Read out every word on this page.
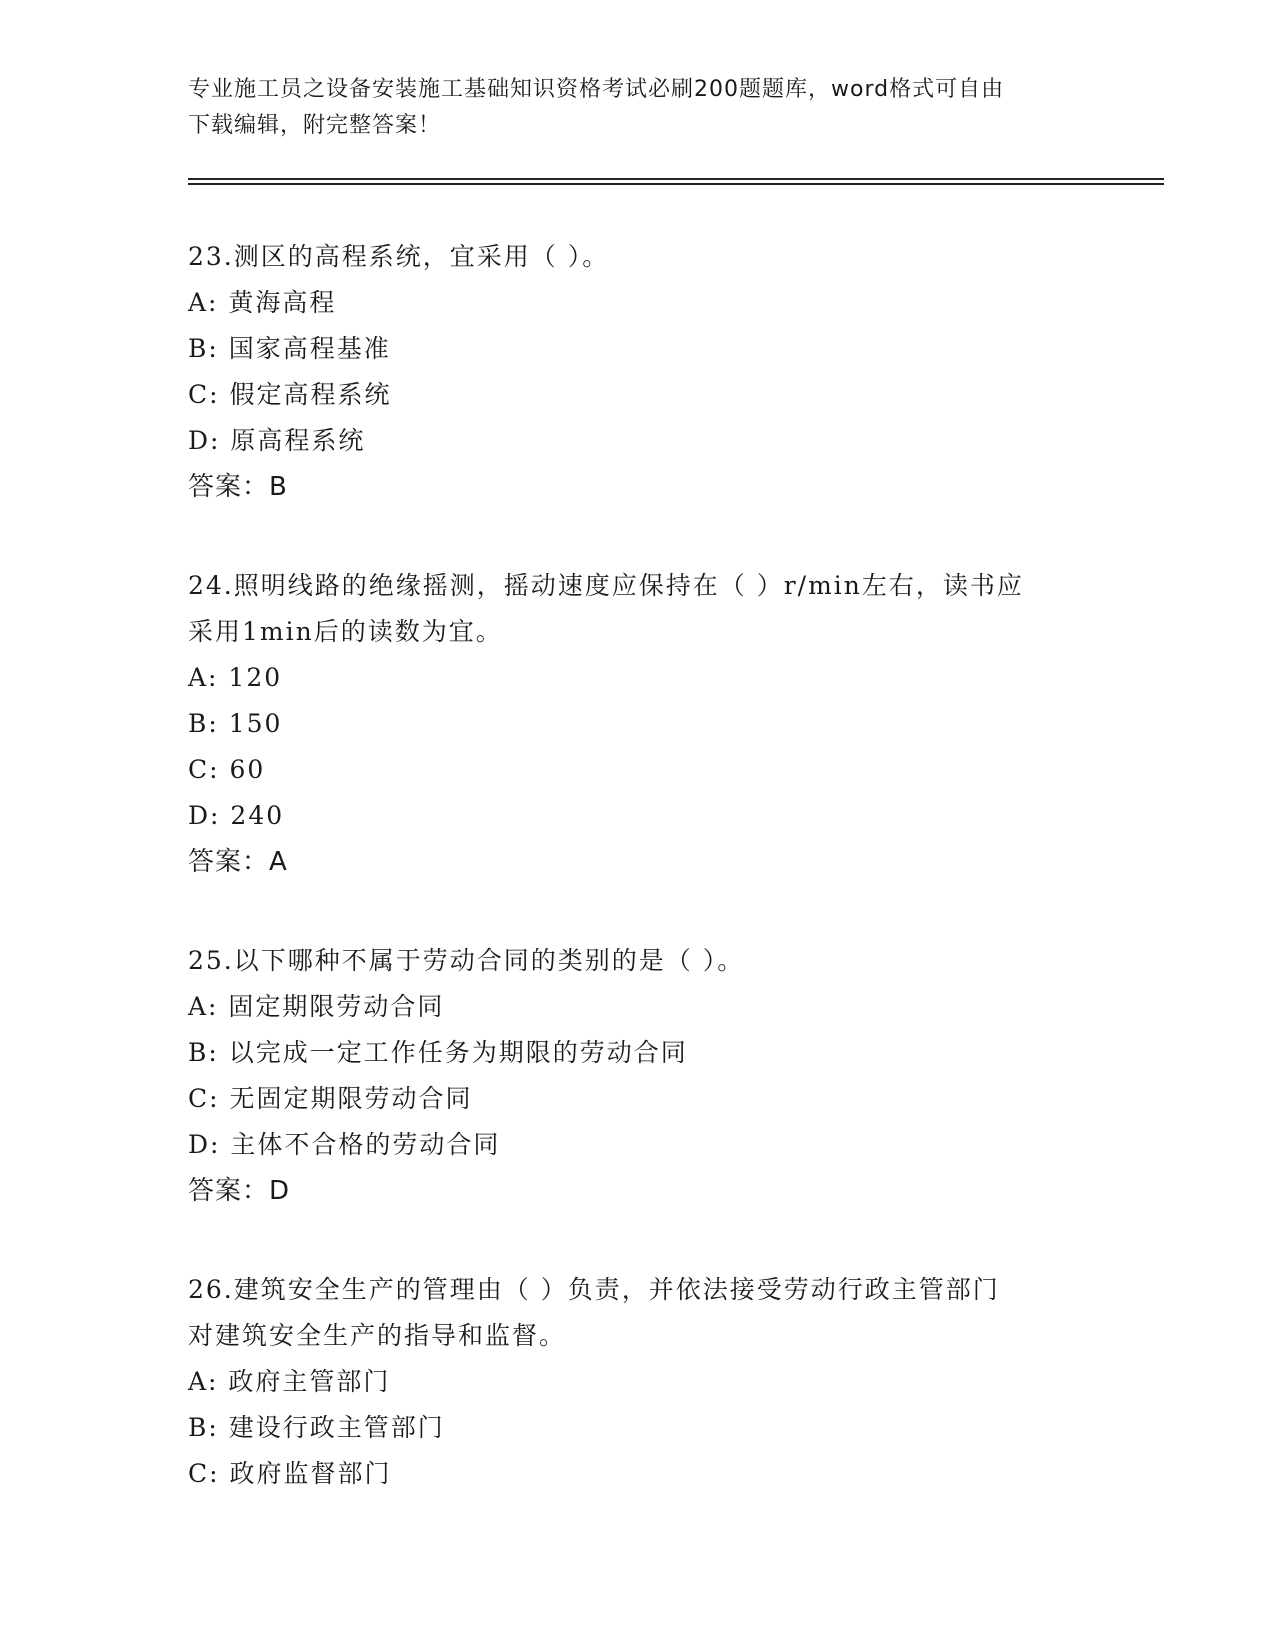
专业施工员之设备安装施工基础知识资格考试必刷200题题库，word格式可自由
下载编辑，附完整答案！
23.测区的高程系统，宜采用（ ）。
A: 黄海高程
B: 国家高程基准
C: 假定高程系统
D: 原高程系统
答案：B
24.照明线路的绝缘摇测，摇动速度应保持在（ ）r/min左右，读书应
采用1min后的读数为宜。
A: 120
B: 150
C: 60
D: 240
答案：A
25.以下哪种不属于劳动合同的类别的是（ ）。
A: 固定期限劳动合同
B: 以完成一定工作任务为期限的劳动合同
C: 无固定期限劳动合同
D: 主体不合格的劳动合同
答案：D
26.建筑安全生产的管理由（ ）负责，并依法接受劳动行政主管部门
对建筑安全生产的指导和监督。
A: 政府主管部门
B: 建设行政主管部门
C: 政府监督部门
